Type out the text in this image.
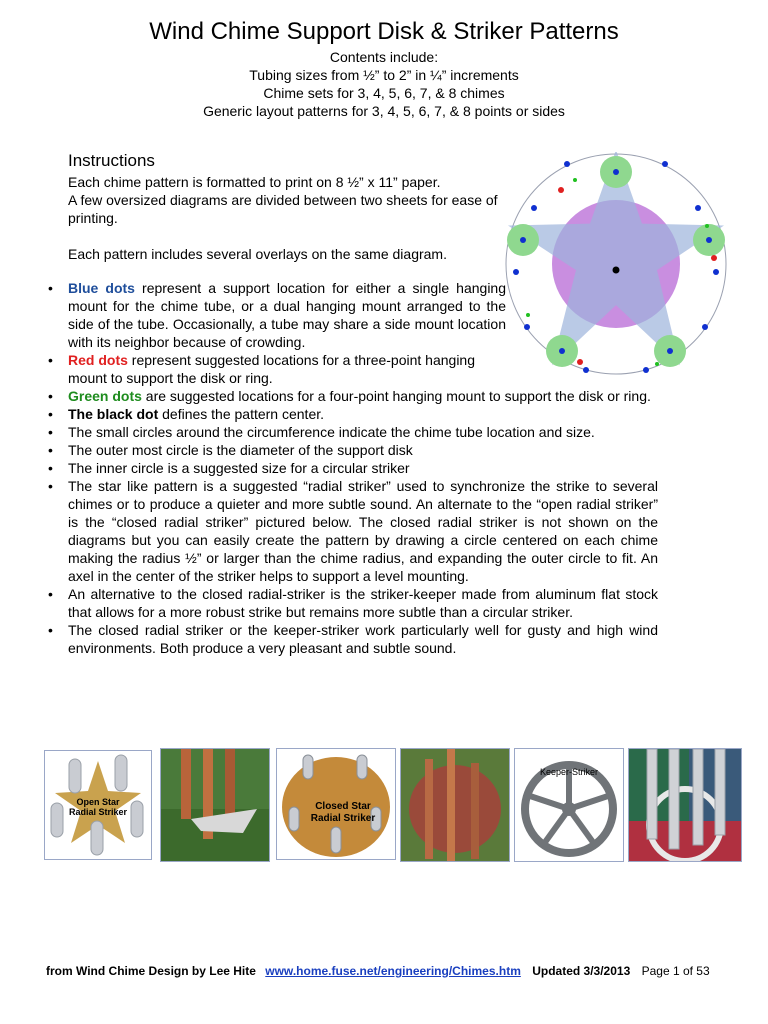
Wind Chime Support Disk & Striker Patterns
Contents include:
Tubing sizes from ½” to 2” in ¼” increments
Chime sets for 3, 4, 5, 6, 7, & 8 chimes
Generic layout patterns for 3, 4, 5, 6, 7, & 8 points or sides
Instructions

Each chime pattern is formatted to print on 8 ½” x 11” paper.

A few oversized diagrams are divided between two sheets for ease of printing.

Each pattern includes several overlays on the same diagram.

• Blue dots represent a support location for either a single hanging mount for the chime tube, or a dual hanging mount arranged to the side of the tube. Occasionally, a tube may share a side mount location with its neighbor because of crowding.
• Red dots represent suggested locations for a three-point hanging mount to support the disk or ring.
• Green dots are suggested locations for a four-point hanging mount to support the disk or ring.
• The black dot defines the pattern center.
• The small circles around the circumference indicate the chime tube location and size.
• The outer most circle is the diameter of the support disk
• The inner circle is a suggested size for a circular striker
• The star like pattern is a suggested “radial striker” used to synchronize the strike to several chimes or to produce a quieter and more subtle sound. An alternate to the “open radial striker” is the “closed radial striker” pictured below. The closed radial striker is not shown on the diagrams but you can easily create the pattern by drawing a circle centered on each chime making the radius ½” or larger than the chime radius, and expanding the outer circle to fit. An axel in the center of the striker helps to support a level mounting.
• An alternative to the closed radial-striker is the striker-keeper made from aluminum flat stock that allows for a more robust strike but remains more subtle than a circular striker.
• The closed radial striker or the keeper-striker work particularly well for gusty and high wind environments. Both produce a very pleasant and subtle sound.
Open Star
Radial Striker	Closed Star
Radial Striker
Keeper-Striker
from Wind Chime Design by Lee Hite www.home.fuse.net/engineering/Chimes.htm Updated 3/3/2013 Page 1 of 53
